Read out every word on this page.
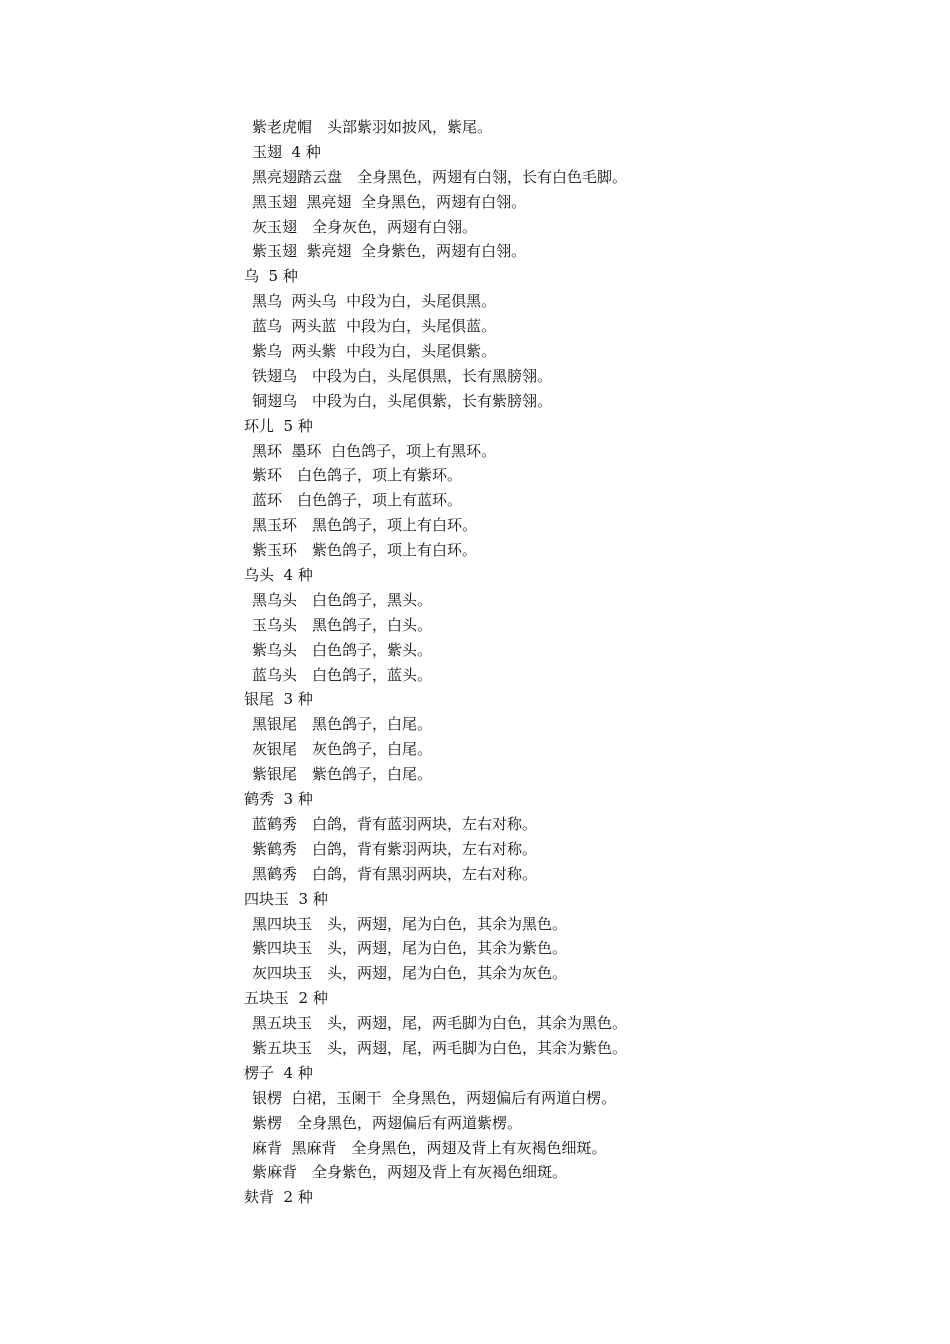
紫老虎帽　头部紫羽如披风，紫尾。
玉翅  4 种
黑亮翅踏云盘　全身黑色，两翅有白翎，长有白色毛脚。
黑玉翅  黑亮翅  全身黑色，两翅有白翎。
灰玉翅　全身灰色，两翅有白翎。
紫玉翅  紫亮翅  全身紫色，两翅有白翎。
乌  5 种
黑乌  两头乌  中段为白，头尾俱黑。
蓝乌  两头蓝  中段为白，头尾俱蓝。
紫乌  两头紫  中段为白，头尾俱紫。
铁翅乌　中段为白，头尾俱黑，长有黑膀翎。
铜翅乌　中段为白，头尾俱紫，长有紫膀翎。
环儿  5 种
黑环  墨环  白色鸽子，项上有黑环。
紫环　白色鸽子，项上有紫环。
蓝环　白色鸽子，项上有蓝环。
黑玉环　黑色鸽子，项上有白环。
紫玉环　紫色鸽子，项上有白环。
乌头  4 种
黑乌头　白色鸽子，黑头。
玉乌头　黑色鸽子，白头。
紫乌头　白色鸽子，紫头。
蓝乌头　白色鸽子，蓝头。
银尾  3 种
黑银尾　黑色鸽子，白尾。
灰银尾　灰色鸽子，白尾。
紫银尾　紫色鸽子，白尾。
鹤秀  3 种
蓝鹤秀　白鸽，背有蓝羽两块，左右对称。
紫鹤秀　白鸽，背有紫羽两块，左右对称。
黑鹤秀　白鸽，背有黑羽两块，左右对称。
四块玉  3 种
黑四块玉　头，两翅，尾为白色，其余为黑色。
紫四块玉　头，两翅，尾为白色，其余为紫色。
灰四块玉　头，两翅，尾为白色，其余为灰色。
五块玉  2 种
黑五块玉　头，两翅，尾，两毛脚为白色，其余为黑色。
紫五块玉　头，两翅，尾，两毛脚为白色，其余为紫色。
楞子  4 种
银楞  白裙，玉阑干  全身黑色，两翅偏后有两道白楞。
紫楞　全身黑色，两翅偏后有两道紫楞。
麻背  黑麻背　全身黑色，两翅及背上有灰褐色细斑。
紫麻背　全身紫色，两翅及背上有灰褐色细斑。
麸背  2 种
